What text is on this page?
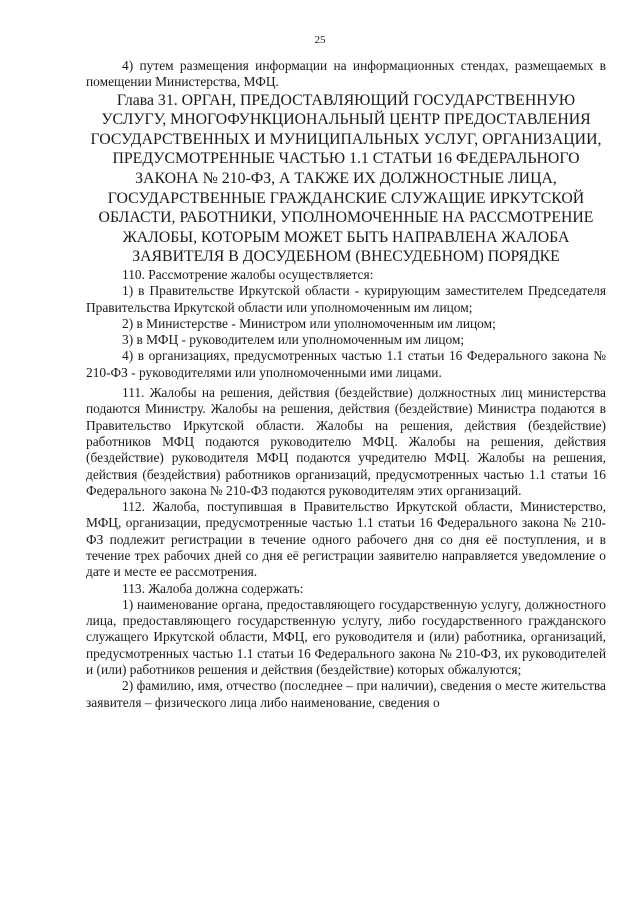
25

4) путем размещения информации на информационных стендах, размещаемых в помещении Министерства, МФЦ.

Глава 31. ОРГАН, ПРЕДОСТАВЛЯЮЩИЙ ГОСУДАРСТВЕННУЮ УСЛУГУ, МНОГОФУНКЦИОНАЛЬНЫЙ ЦЕНТР ПРЕДОСТАВЛЕНИЯ ГОСУДАРСТВЕННЫХ И МУНИЦИПАЛЬНЫХ УСЛУГ, ОРГАНИЗАЦИИ, ПРЕДУСМОТРЕННЫЕ ЧАСТЬЮ 1.1 СТАТЬИ 16 ФЕДЕРАЛЬНОГО ЗАКОНА № 210-ФЗ, А ТАКЖЕ ИХ ДОЛЖНОСТНЫЕ ЛИЦА, ГОСУДАРСТВЕННЫЕ ГРАЖДАНСКИЕ СЛУЖАЩИЕ ИРКУТСКОЙ ОБЛАСТИ, РАБОТНИКИ, УПОЛНОМОЧЕННЫЕ НА РАССМОТРЕНИЕ ЖАЛОБЫ, КОТОРЫМ МОЖЕТ БЫТЬ НАПРАВЛЕНА ЖАЛОБА ЗАЯВИТЕЛЯ В ДОСУДЕБНОМ (ВНЕСУДЕБНОМ) ПОРЯДКЕ

110. Рассмотрение жалобы осуществляется:

1) в Правительстве Иркутской области - курирующим заместителем Председателя Правительства Иркутской области или уполномоченным им лицом;

2) в Министерстве - Министром или уполномоченным им лицом;

3) в МФЦ - руководителем или уполномоченным им лицом;

4) в организациях, предусмотренных частью 1.1 статьи 16 Федерального закона № 210-ФЗ - руководителями или уполномоченными ими лицами.

111. Жалобы на решения, действия (бездействие) должностных лиц министерства подаются Министру. Жалобы на решения, действия (бездействие) Министра подаются в Правительство Иркутской области. Жалобы на решения, действия (бездействие) работников МФЦ подаются руководителю МФЦ. Жалобы на решения, действия (бездействие) руководителя МФЦ подаются учредителю МФЦ. Жалобы на решения, действия (бездействия) работников организаций, предусмотренных частью 1.1 статьи 16 Федерального закона № 210-ФЗ подаются руководителям этих организаций.

112. Жалоба, поступившая в Правительство Иркутской области, Министерство, МФЦ, организации, предусмотренные частью 1.1 статьи 16 Федерального закона № 210-ФЗ подлежит регистрации в течение одного рабочего дня со дня её поступления, и в течение трех рабочих дней со дня её регистрации заявителю направляется уведомление о дате и месте ее рассмотрения.

113. Жалоба должна содержать:

1) наименование органа, предоставляющего государственную услугу, должностного лица, предоставляющего государственную услугу, либо государственного гражданского служащего Иркутской области, МФЦ, его руководителя и (или) работника, организаций, предусмотренных частью 1.1 статьи 16 Федерального закона № 210-ФЗ, их руководителей и (или) работников решения и действия (бездействие) которых обжалуются;

2) фамилию, имя, отчество (последнее – при наличии), сведения о месте жительства заявителя – физического лица либо наименование, сведения о
